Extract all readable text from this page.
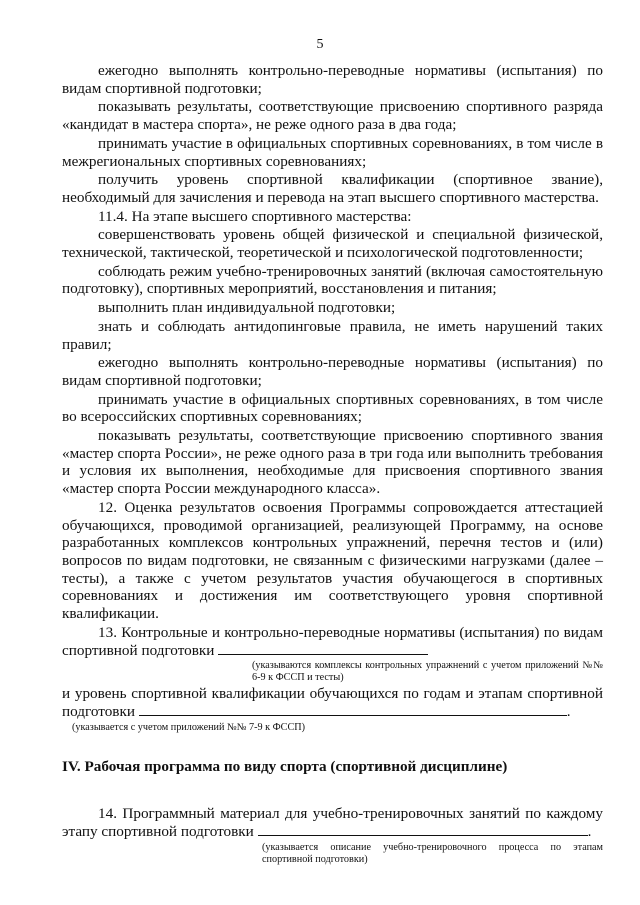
5

ежегодно выполнять контрольно-переводные нормативы (испытания) по видам спортивной подготовки;

показывать результаты, соответствующие присвоению спортивного разряда «кандидат в мастера спорта», не реже одного раза в два года;

принимать участие в официальных спортивных соревнованиях, в том числе в межрегиональных спортивных соревнованиях;

получить уровень спортивной квалификации (спортивное звание), необходимый для зачисления и перевода на этап высшего спортивного мастерства.

11.4. На этапе высшего спортивного мастерства:

совершенствовать уровень общей физической и специальной физической, технической, тактической, теоретической и психологической подготовленности;

соблюдать режим учебно-тренировочных занятий (включая самостоятельную подготовку), спортивных мероприятий, восстановления и питания;

выполнить план индивидуальной подготовки;

знать и соблюдать антидопинговые правила, не иметь нарушений таких правил;

ежегодно выполнять контрольно-переводные нормативы (испытания) по видам спортивной подготовки;

принимать участие в официальных спортивных соревнованиях, в том числе во всероссийских спортивных соревнованиях;

показывать результаты, соответствующие присвоению спортивного звания «мастер спорта России», не реже одного раза в три года или выполнить требования и условия их выполнения, необходимые для присвоения спортивного звания «мастер спорта России международного класса».

12. Оценка результатов освоения Программы сопровождается аттестацией обучающихся, проводимой организацией, реализующей Программу, на основе разработанных комплексов контрольных упражнений, перечня тестов и (или) вопросов по видам подготовки, не связанным с физическими нагрузками (далее – тесты), а также с учетом результатов участия обучающегося в спортивных соревнованиях и достижения им соответствующего уровня спортивной квалификации.

13. Контрольные и контрольно-переводные нормативы (испытания) по видам спортивной подготовки

(указываются комплексы контрольных упражнений с учетом приложений №№ 6-9 к ФССП и тесты)

и уровень спортивной квалификации обучающихся по годам и этапам спортивной подготовки	.

(указывается с учетом приложений №№ 7-9 к ФССП)

IV. Рабочая программа по виду спорта (спортивной дисциплине)

14. Программный материал для учебно-тренировочных занятий по каждому этапу спортивной подготовки	.

(указывается описание учебно-тренировочного процесса по этапам спортивной подготовки)
